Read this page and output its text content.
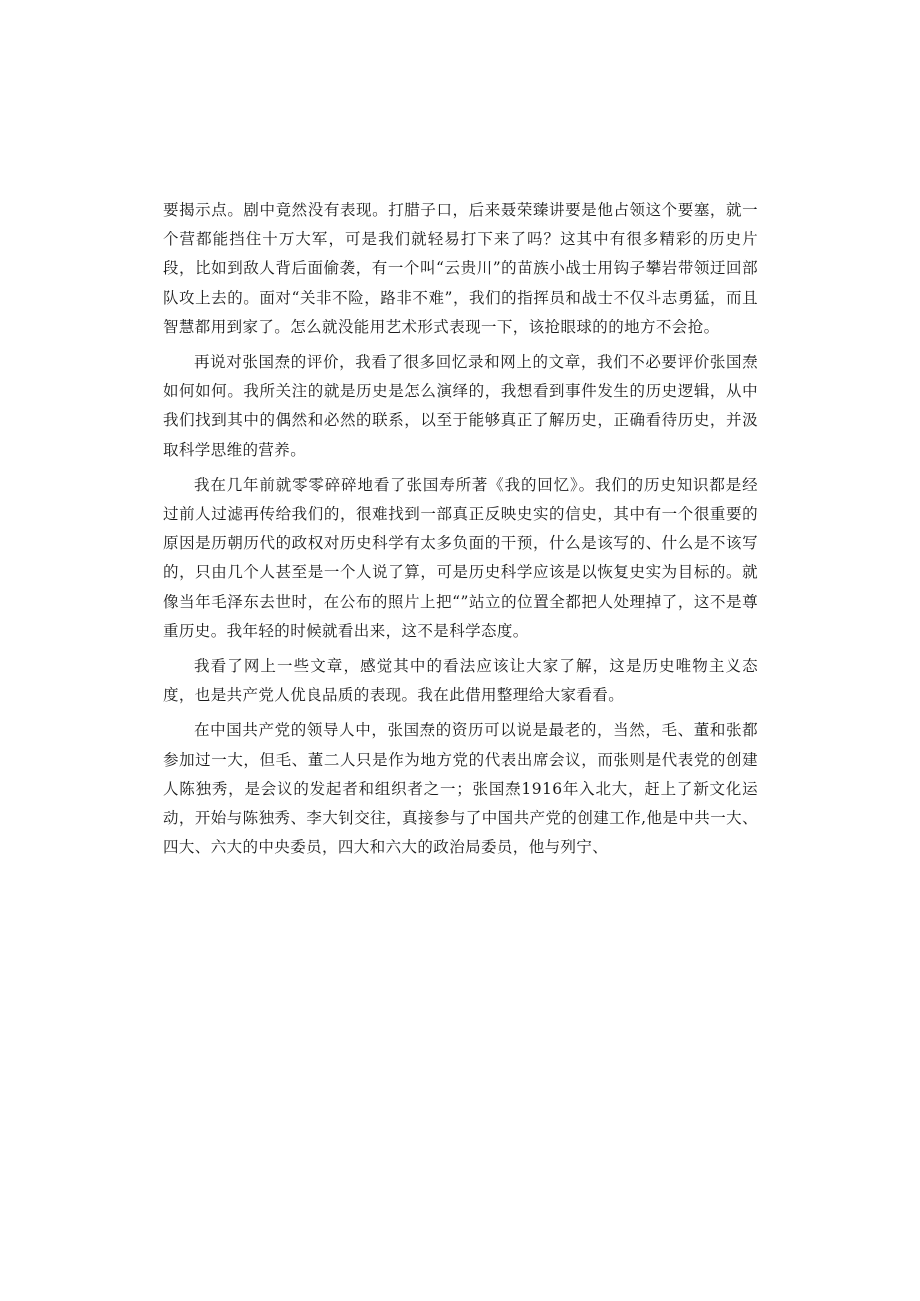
要揭示点。剧中竟然没有表现。打腊子口，后来聂荣臻讲要是他占领这个要塞，就一个营都能挡住十万大军，可是我们就轻易打下来了吗？这其中有很多精彩的历史片段，比如到敌人背后面偷袭，有一个叫“云贵川”的苗族小战士用钩子攀岩带领迂回部队攻上去的。面对“关非不险，路非不难”，我们的指挥员和战士不仅斗志勇猛，而且智慧都用到家了。怎么就没能用艺术形式表现一下，该抢眼球的的地方不会抢。

再说对张国焘的评价，我看了很多回忆录和网上的文章，我们不必要评价张国焘如何如何。我所关注的就是历史是怎么演绎的，我想看到事件发生的历史逻辑，从中我们找到其中的偶然和必然的联系，以至于能够真正了解历史，正确看待历史，并汲取科学思维的营养。

我在几年前就零零碎碎地看了张国寿所著《我的回忆》。我们的历史知识都是经过前人过滤再传给我们的，很难找到一部真正反映史实的信史，其中有一个很重要的原因是历朝历代的政权对历史科学有太多负面的干预，什么是该写的、什么是不该写的，只由几个人甚至是一个人说了算，可是历史科学应该是以恢复史实为目标的。就像当年毛泽东去世时，在公布的照片上把“”站立的位置全都把人处理掉了，这不是尊重历史。我年轻的时候就看出来，这不是科学态度。

我看了网上一些文章，感觉其中的看法应该让大家了解，这是历史唯物主义态度，也是共产党人优良品质的表现。我在此借用整理给大家看看。

在中国共产党的领导人中，张国焘的资历可以说是最老的，当然，毛、董和张都参加过一大，但毛、董二人只是作为地方党的代表出席会议，而张则是代表党的创建人陈独秀，是会议的发起者和组织者之一；张国焘1916年入北大，赶上了新文化运动，开始与陈独秀、李大钊交往，真接参与了中国共产党的创建工作,他是中共一大、四大、六大的中央委员，四大和六大的政治局委员，他与列宁、
